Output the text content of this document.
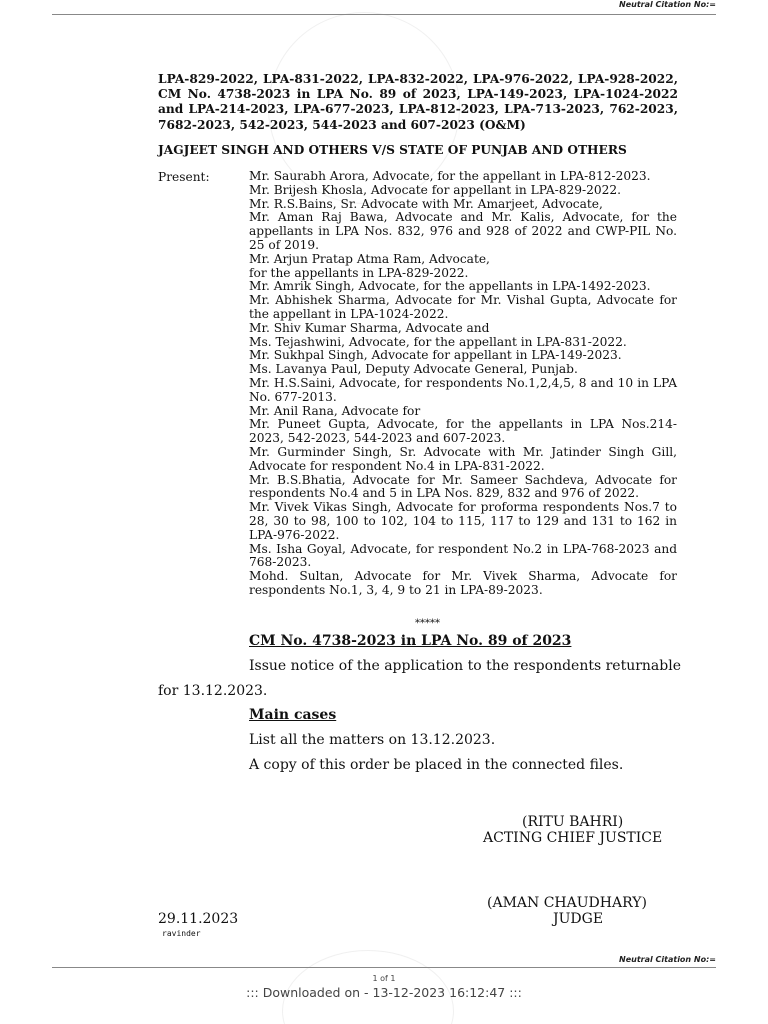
Neutral Citation No:=
LPA-829-2022, LPA-831-2022, LPA-832-2022, LPA-976-2022, LPA-928-2022, CM No. 4738-2023 in LPA No. 89 of 2023, LPA-149-2023, LPA-1024-2022 and LPA-214-2023, LPA-677-2023, LPA-812-2023, LPA-713-2023, 762-2023, 7682-2023, 542-2023, 544-2023 and 607-2023 (O&M)
JAGJEET SINGH AND OTHERS V/S STATE OF PUNJAB AND OTHERS
Present:	Mr. Saurabh Arora, Advocate, for the appellant in LPA-812-2023.
Mr. Brijesh Khosla, Advocate for appellant in LPA-829-2022.
Mr. R.S.Bains, Sr. Advocate with Mr. Amarjeet, Advocate,
Mr. Aman Raj Bawa, Advocate and Mr. Kalis, Advocate, for the appellants in LPA Nos. 832, 976 and 928 of 2022 and CWP-PIL No. 25 of 2019.
Mr. Arjun Pratap Atma Ram, Advocate,
for the appellants in LPA-829-2022.
Mr. Amrik Singh, Advocate, for the appellants in LPA-1492-2023.
Mr. Abhishek Sharma, Advocate for Mr. Vishal Gupta, Advocate for the appellant in LPA-1024-2022.
Mr. Shiv Kumar Sharma, Advocate and
Ms. Tejashwini, Advocate, for the appellant in LPA-831-2022.
Mr. Sukhpal Singh, Advocate for appellant in LPA-149-2023.
Ms. Lavanya Paul, Deputy Advocate General, Punjab.
Mr. H.S.Saini, Advocate, for respondents No.1,2,4,5, 8 and 10 in LPA No. 677-2013.
Mr. Anil Rana, Advocate for
Mr. Puneet Gupta, Advocate, for the appellants in LPA Nos.214-2023, 542-2023, 544-2023 and 607-2023.
Mr. Gurminder Singh, Sr. Advocate with Mr. Jatinder Singh Gill, Advocate for respondent No.4 in LPA-831-2022.
Mr. B.S.Bhatia, Advocate for Mr. Sameer Sachdeva, Advocate for respondents No.4 and 5 in LPA Nos. 829, 832 and 976 of 2022.
Mr. Vivek Vikas Singh, Advocate for proforma respondents Nos.7 to 28, 30 to 98, 100 to 102, 104 to 115, 117 to 129 and 131 to 162 in LPA-976-2022.
Ms. Isha Goyal, Advocate, for respondent No.2 in LPA-768-2023 and 768-2023.
Mohd. Sultan, Advocate for Mr. Vivek Sharma, Advocate for respondents No.1, 3, 4, 9 to 21 in LPA-89-2023.
*****
CM No. 4738-2023 in LPA No. 89 of 2023
Issue notice of the application to the respondents returnable
for 13.12.2023.
Main cases
List all the matters on 13.12.2023.
A copy of this order be placed in the connected files.
(RITU BAHRI)
ACTING CHIEF JUSTICE
(AMAN CHAUDHARY)
JUDGE
29.11.2023
ravinder
Neutral Citation No:=
1 of 1
::: Downloaded on - 13-12-2023 16:12:47 :::
